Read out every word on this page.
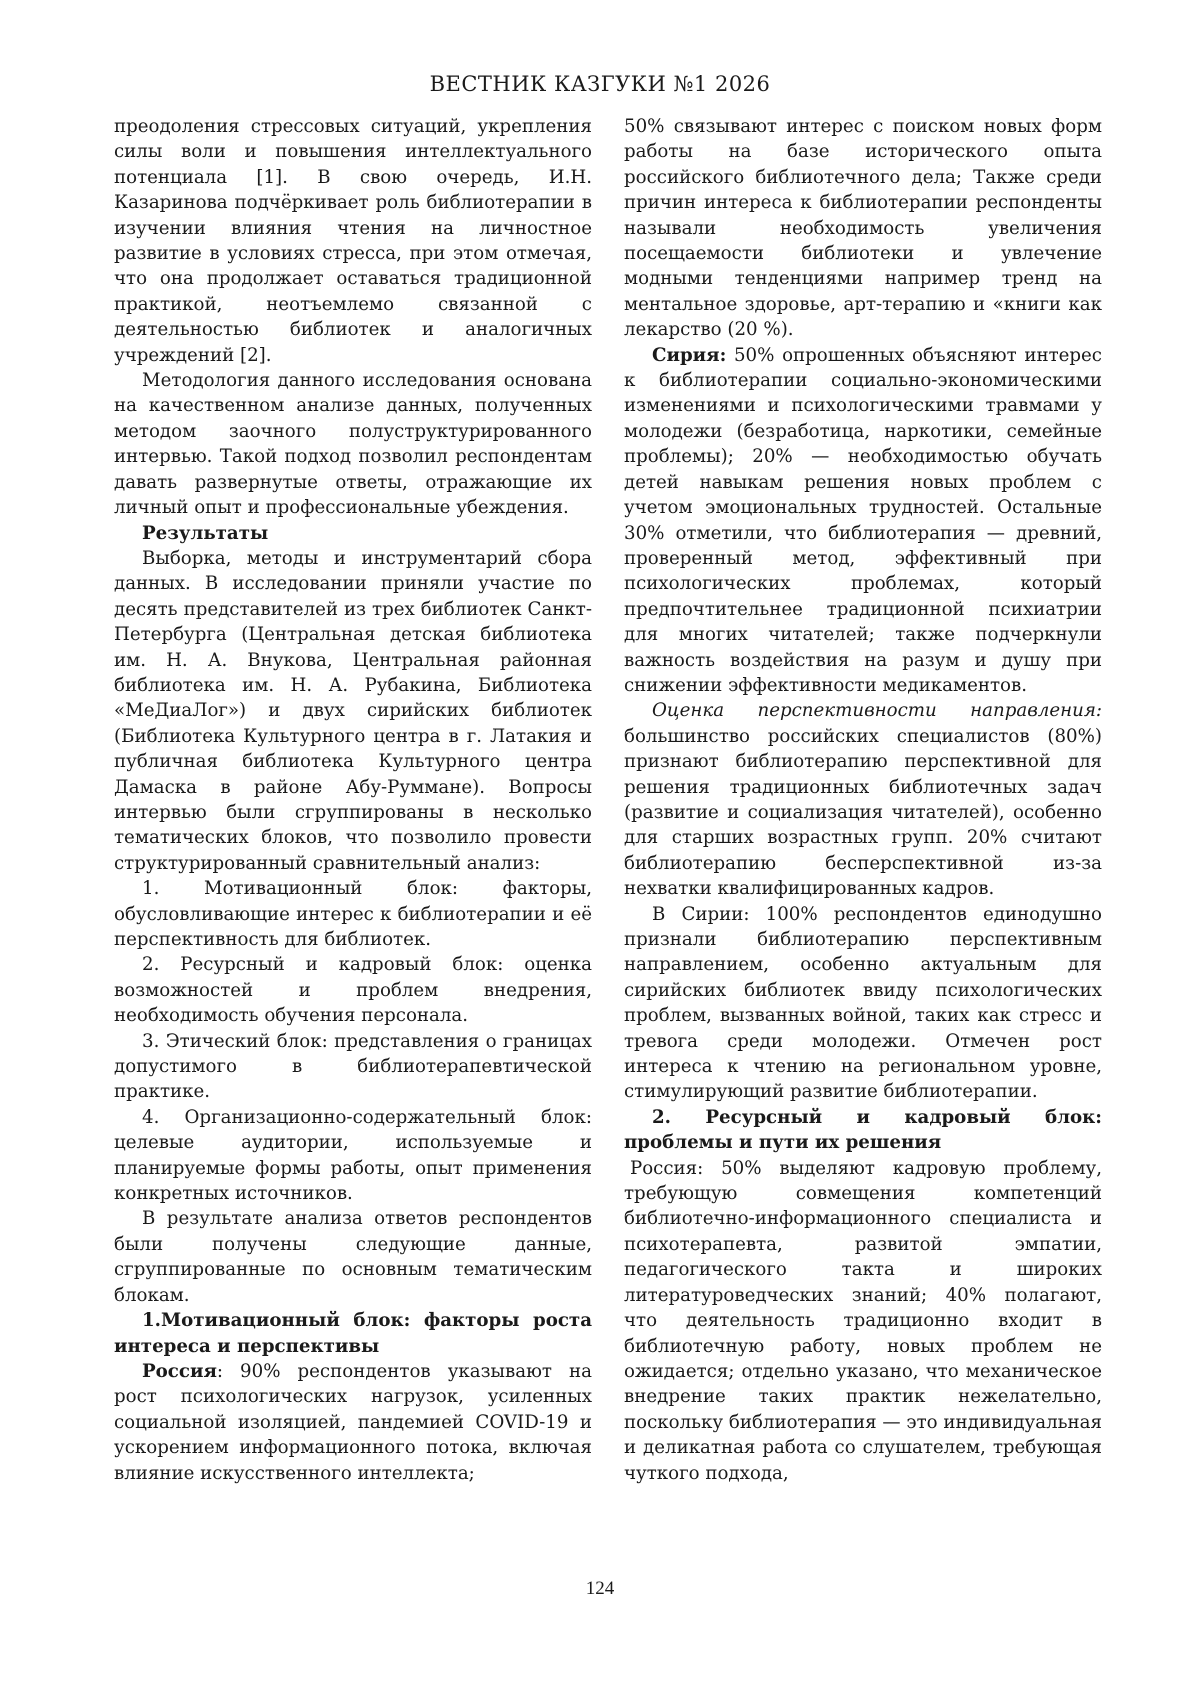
ВЕСТНИК КАЗГУКИ №1 2026

преодоления стрессовых ситуаций, укрепления силы воли и повышения интеллектуального потенциала [1]. В свою очередь, И.Н. Казаринова подчёркивает роль библиотерапии в изучении влияния чтения на личностное развитие в условиях стресса, при этом отмечая, что она продолжает оставаться традиционной практикой, неотъемлемо связанной с деятельностью библиотек и аналогичных учреждений [2].

Методология данного исследования основана на качественном анализе данных, полученных методом заочного полуструктурированного интервью. Такой подход позволил респондентам давать развернутые ответы, отражающие их личный опыт и профессиональные убеждения.

Результаты

Выборка, методы и инструментарий сбора данных. В исследовании приняли участие по десять представителей из трех библиотек Санкт-Петербурга (Центральная детская библиотека им. Н. А. Внукова, Центральная районная библиотека им. Н. А. Рубакина, Библиотека «МеДиаЛог») и двух сирийских библиотек (Библиотека Культурного центра в г. Латакия и публичная библиотека Культурного центра Дамаска в районе Абу-Руммане). Вопросы интервью были сгруппированы в несколько тематических блоков, что позволило провести структурированный сравнительный анализ:

1. Мотивационный блок: факторы, обусловливающие интерес к библиотерапии и её перспективность для библиотек.

2. Ресурсный и кадровый блок: оценка возможностей и проблем внедрения, необходимость обучения персонала.

3. Этический блок: представления о границах допустимого в библиотерапевтической практике.

4. Организационно-содержательный блок: целевые аудитории, используемые и планируемые формы работы, опыт применения конкретных источников.

В результате анализа ответов респондентов были получены следующие данные, сгруппированные по основным тематическим блокам.

1.Мотивационный блок: факторы роста интереса и перспективы

Россия: 90% респондентов указывают на рост психологических нагрузок, усиленных социальной изоляцией, пандемией COVID-19 и ускорением информационного потока, включая влияние искусственного интеллекта;

50% связывают интерес с поиском новых форм работы на базе исторического опыта российского библиотечного дела; Также среди причин интереса к библиотерапии респонденты называли необходимость увеличения посещаемости библиотеки и увлечение модными тенденциями например тренд на ментальное здоровье, арт-терапию и «книги как лекарство (20 %).

Сирия: 50% опрошенных объясняют интерес к библиотерапии социально-экономическими изменениями и психологическими травмами у молодежи (безработица, наркотики, семейные проблемы); 20% — необходимостью обучать детей навыкам решения новых проблем с учетом эмоциональных трудностей. Остальные 30% отметили, что библиотерапия — древний, проверенный метод, эффективный при психологических проблемах, который предпочтительнее традиционной психиатрии для многих читателей; также подчеркнули важность воздействия на разум и душу при снижении эффективности медикаментов.

Оценка перспективности направления: большинство российских специалистов (80%) признают библиотерапию перспективной для решения традиционных библиотечных задач (развитие и социализация читателей), особенно для старших возрастных групп. 20% считают библиотерапию бесперспективной из-за нехватки квалифицированных кадров.

В Сирии: 100% респондентов единодушно признали библиотерапию перспективным направлением, особенно актуальным для сирийских библиотек ввиду психологических проблем, вызванных войной, таких как стресс и тревога среди молодежи. Отмечен рост интереса к чтению на региональном уровне, стимулирующий развитие библиотерапии.

2. Ресурсный и кадровый блок: проблемы и пути их решения

Россия: 50% выделяют кадровую проблему, требующую совмещения компетенций библиотечно-информационного специалиста и психотерапевта, развитой эмпатии, педагогического такта и широких литературоведческих знаний; 40% полагают, что деятельность традиционно входит в библиотечную работу, новых проблем не ожидается; отдельно указано, что механическое внедрение таких практик нежелательно, поскольку библиотерапия — это индивидуальная и деликатная работа со слушателем, требующая чуткого подхода,

124
